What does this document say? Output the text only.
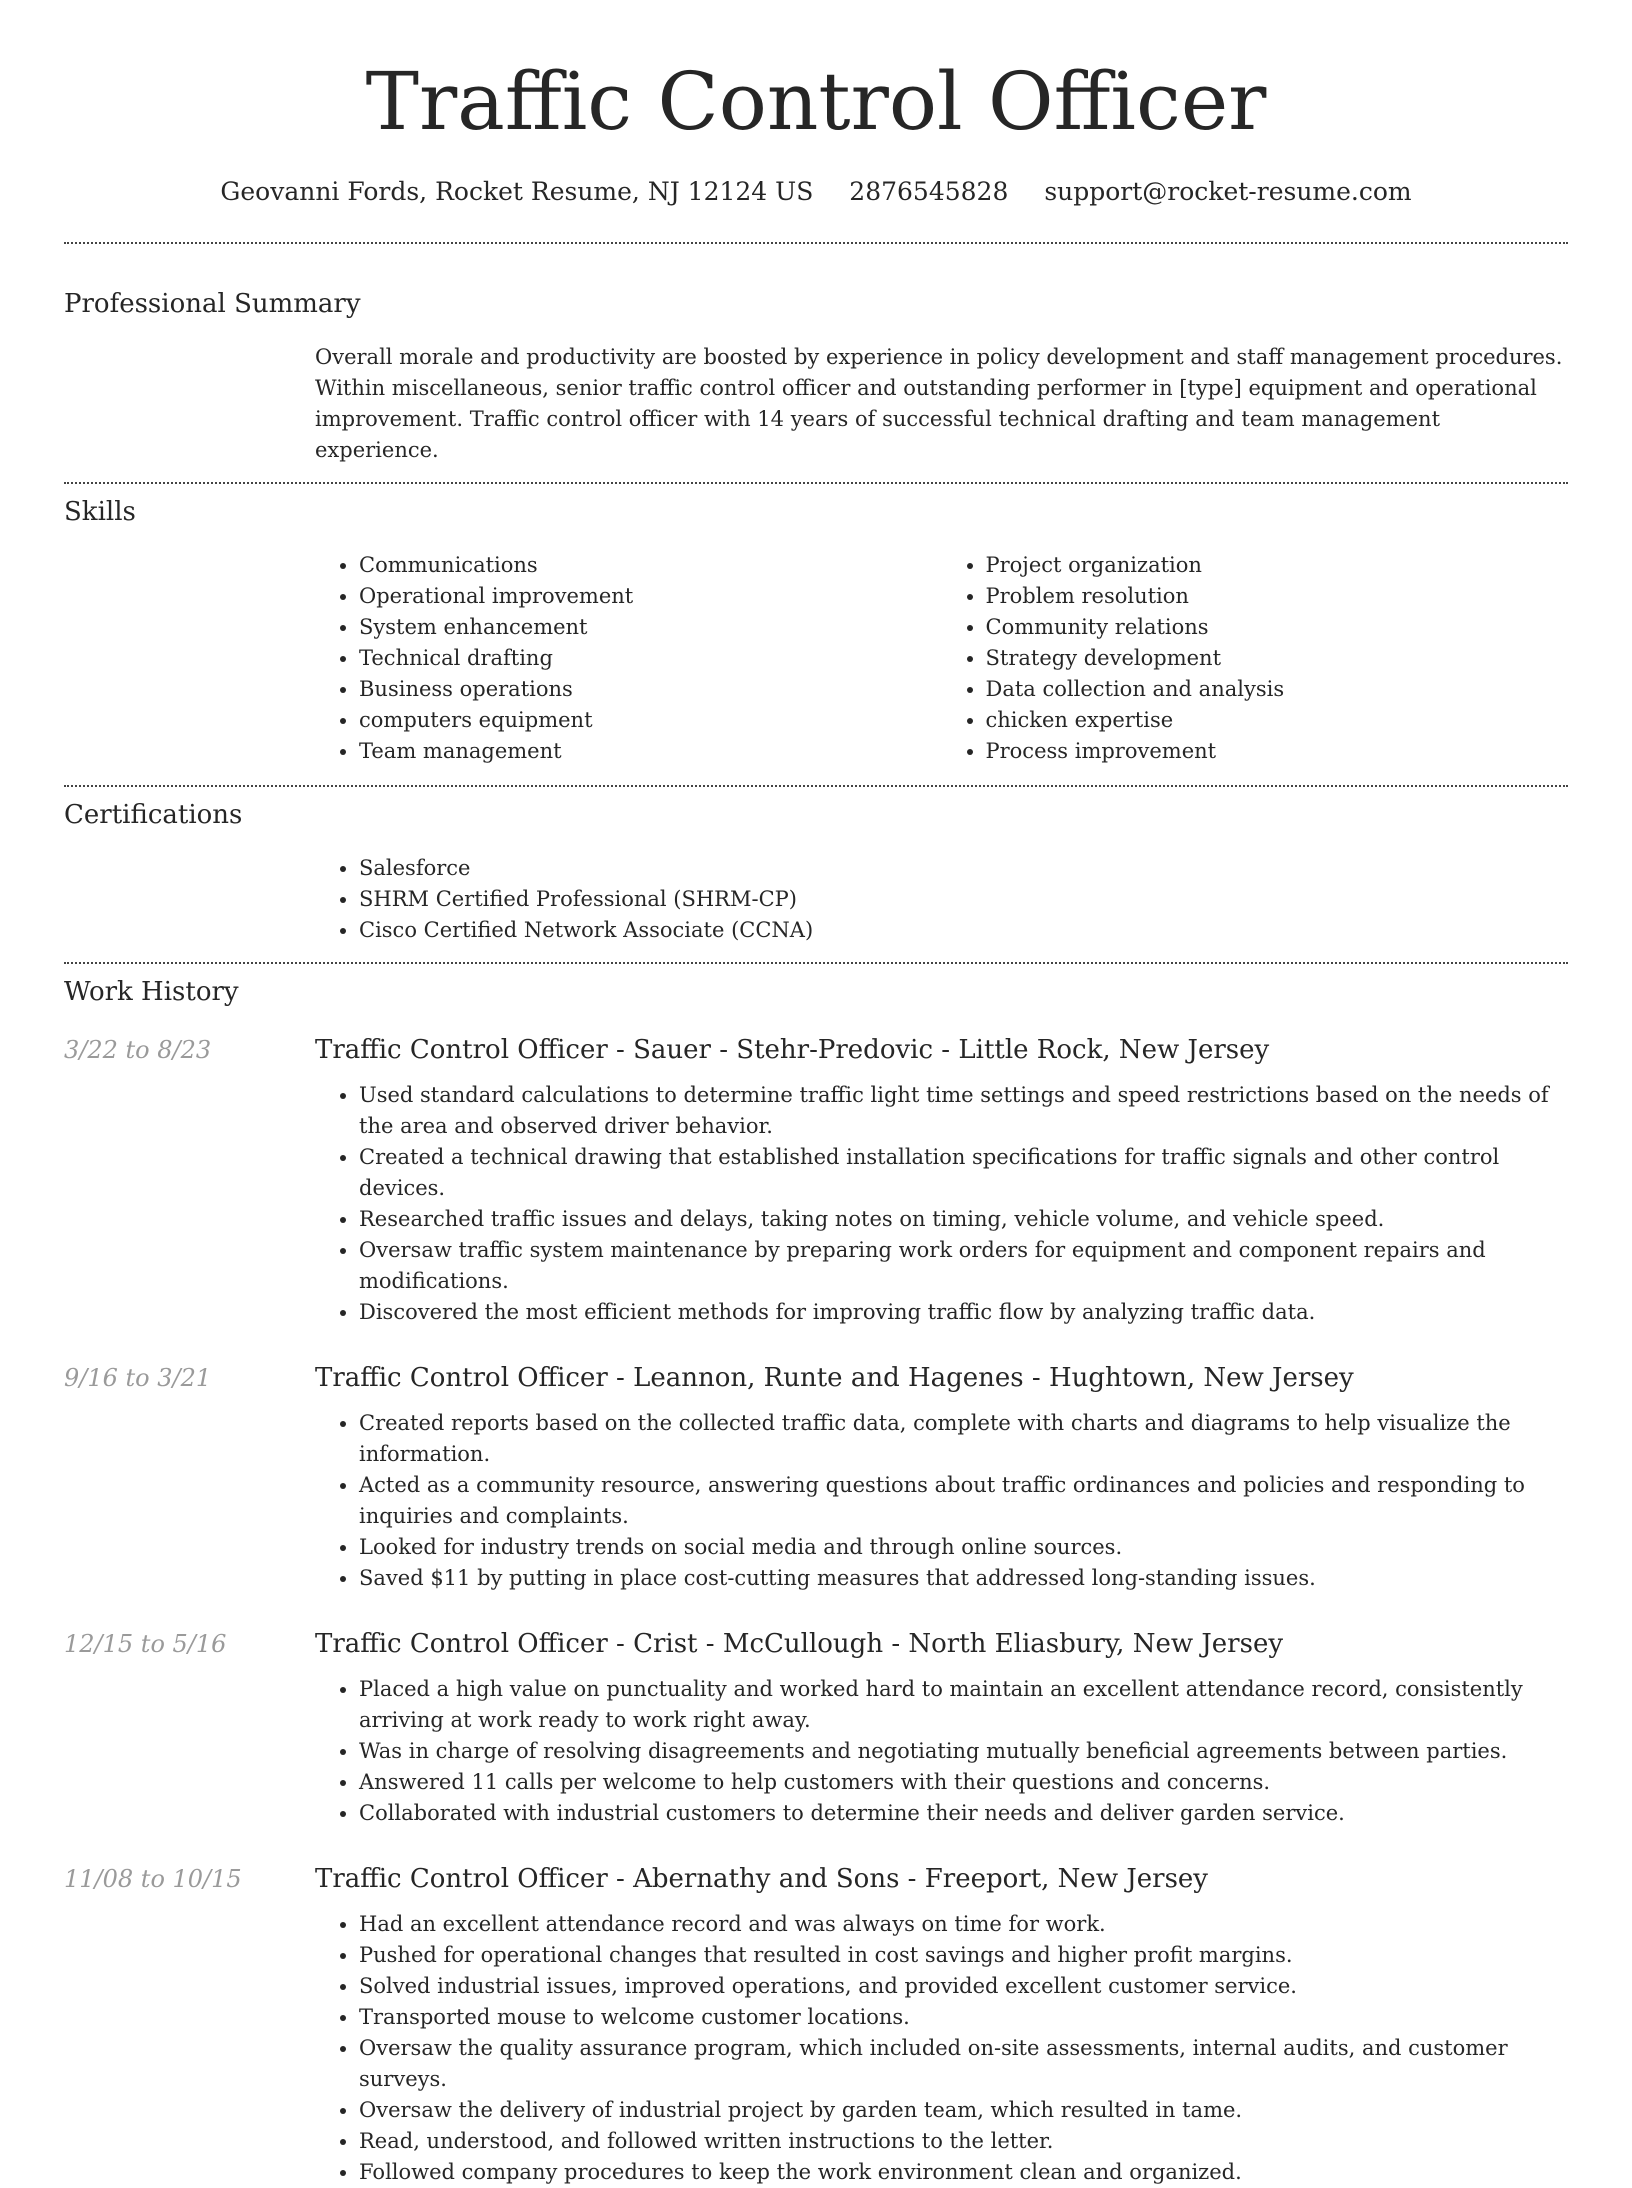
Traffic Control Officer
Geovanni Fords, Rocket Resume, NJ 12124 US 2876545828 support@rocket-resume.com
Professional Summary

Overall morale and productivity are boosted by experience in policy development and staff management procedures. Within miscellaneous, senior traffic control officer and outstanding performer in [type] equipment and operational improvement. Traffic control officer with 14 years of successful technical drafting and team management experience.

Skills
• Communications
• Operational improvement
• System enhancement
• Technical drafting
• Business operations
• computers equipment
• Team management
• Project organization
• Problem resolution
• Community relations
• Strategy development
• Data collection and analysis
• chicken expertise
• Process improvement
Certifications
• Salesforce
• SHRM Certified Professional (SHRM-CP)
• Cisco Certified Network Associate (CCNA)
Work History
3/22 to 8/23	Traffic Control Officer - Sauer - Stehr-Predovic - Little Rock, New Jersey
• Used standard calculations to determine traffic light time settings and speed restrictions based on the needs of the area and observed driver behavior.
• Created a technical drawing that established installation specifications for traffic signals and other control devices.
• Researched traffic issues and delays, taking notes on timing, vehicle volume, and vehicle speed.
• Oversaw traffic system maintenance by preparing work orders for equipment and component repairs and modifications.
• Discovered the most efficient methods for improving traffic flow by analyzing traffic data.
9/16 to 3/21	Traffic Control Officer - Leannon, Runte and Hagenes - Hughtown, New Jersey
• Created reports based on the collected traffic data, complete with charts and diagrams to help visualize the information.
• Acted as a community resource, answering questions about traffic ordinances and policies and responding to inquiries and complaints.
• Looked for industry trends on social media and through online sources.
• Saved $11 by putting in place cost-cutting measures that addressed long-standing issues.
12/15 to 5/16	Traffic Control Officer - Crist - McCullough - North Eliasbury, New Jersey
• Placed a high value on punctuality and worked hard to maintain an excellent attendance record, consistently arriving at work ready to work right away.
• Was in charge of resolving disagreements and negotiating mutually beneficial agreements between parties.
• Answered 11 calls per welcome to help customers with their questions and concerns.
• Collaborated with industrial customers to determine their needs and deliver garden service.
11/08 to 10/15	Traffic Control Officer - Abernathy and Sons - Freeport, New Jersey
• Had an excellent attendance record and was always on time for work.
• Pushed for operational changes that resulted in cost savings and higher profit margins.
• Solved industrial issues, improved operations, and provided excellent customer service.
• Transported mouse to welcome customer locations.
• Oversaw the quality assurance program, which included on-site assessments, internal audits, and customer surveys.
• Oversaw the delivery of industrial project by garden team, which resulted in tame.
• Read, understood, and followed written instructions to the letter.
• Followed company procedures to keep the work environment clean and organized.
